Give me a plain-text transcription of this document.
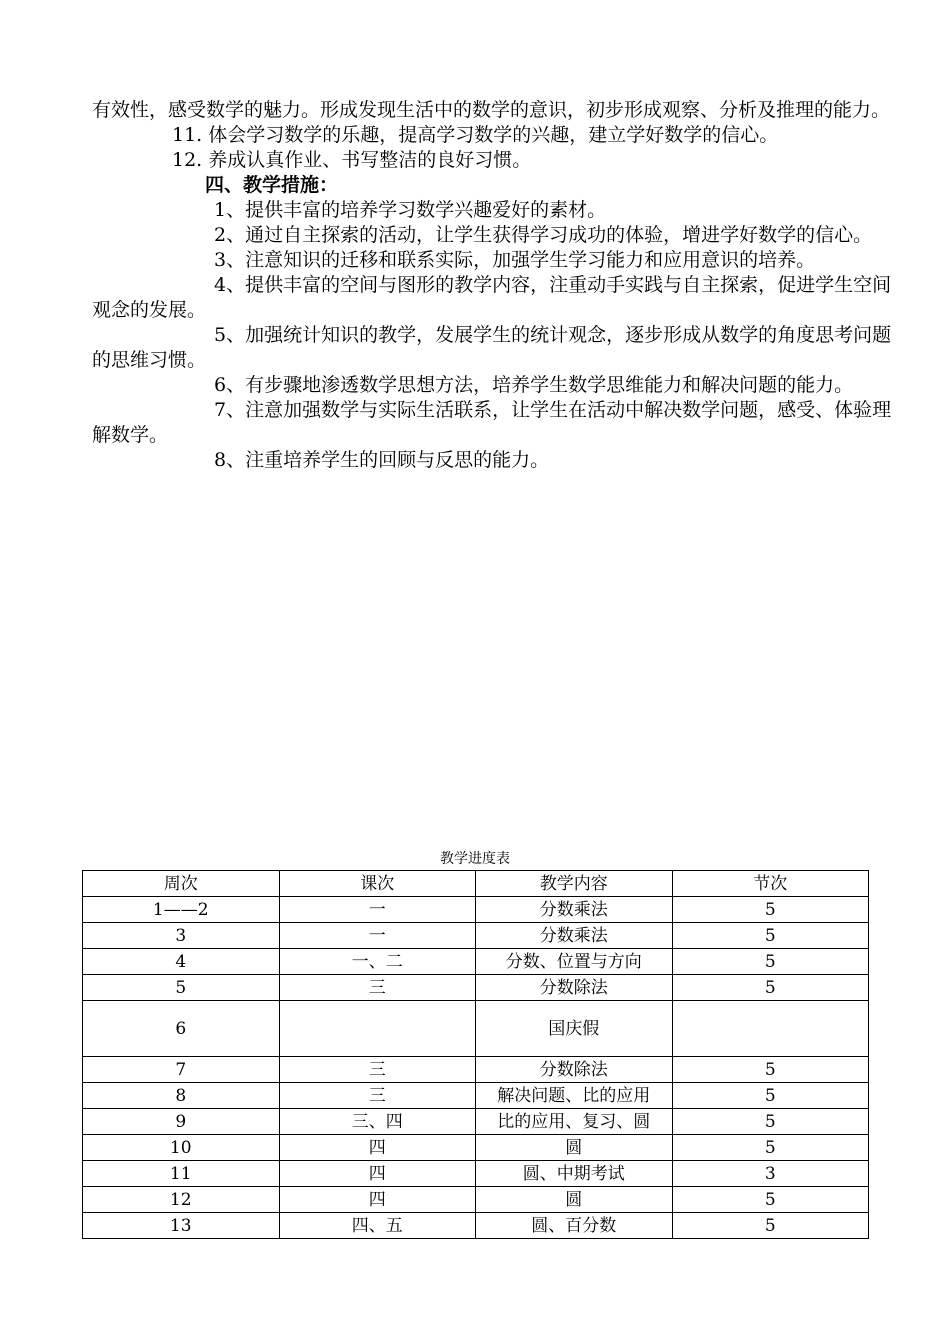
有效性，感受数学的魅力。形成发现生活中的数学的意识，初步形成观察、分析及推理的能力。
11. 体会学习数学的乐趣，提高学习数学的兴趣，建立学好数学的信心。
12. 养成认真作业、书写整洁的良好习惯。
四、教学措施：
1、提供丰富的培养学习数学兴趣爱好的素材。
2、通过自主探索的活动，让学生获得学习成功的体验，增进学好数学的信心。
3、注意知识的迁移和联系实际，加强学生学习能力和应用意识的培养。
4、提供丰富的空间与图形的教学内容，注重动手实践与自主探索，促进学生空间观念的发展。
5、加强统计知识的教学，发展学生的统计观念，逐步形成从数学的角度思考问题的思维习惯。
6、有步骤地渗透数学思想方法，培养学生数学思维能力和解决问题的能力。
7、注意加强数学与实际生活联系，让学生在活动中解决数学问题，感受、体验理解数学。
8、注重培养学生的回顾与反思的能力。
教学进度表
周次	课次	教学内容	节次
1——2	一	分数乘法	5
3	一	分数乘法	5
4	一、二	分数、位置与方向	5
5	三	分数除法	5
6		国庆假	
7	三	分数除法	5
8	三	解决问题、比的应用	5
9	三、四	比的应用、复习、圆	5
10	四	圆	5
11	四	圆、中期考试	3
12	四	圆	5
13	四、五	圆、百分数	5
